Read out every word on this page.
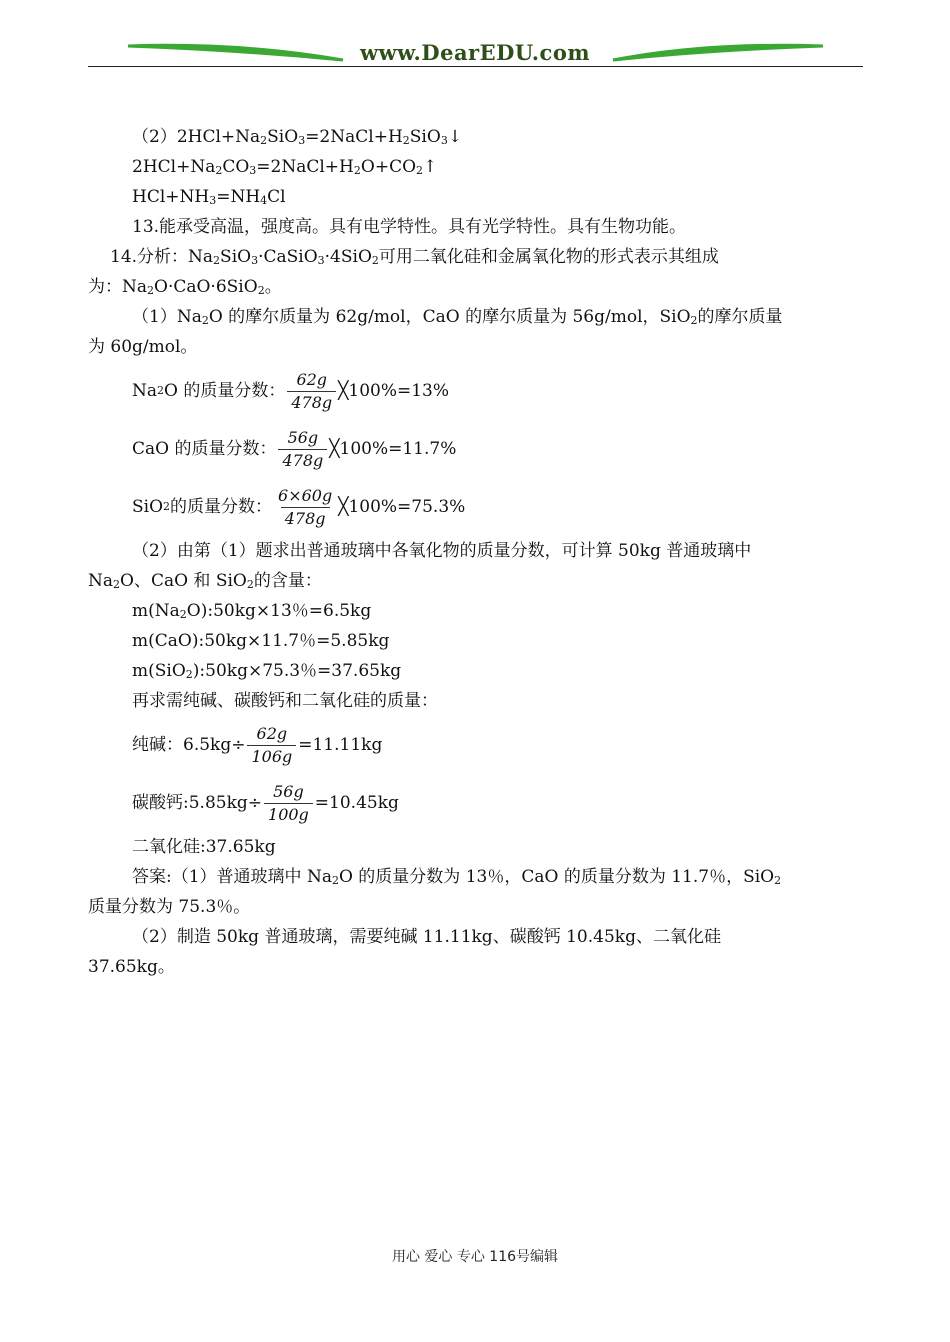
www.DearEDU.com
$(2)2HCl+Na_2SiO_3=2NaCl+H_2SiO_3↓$
$2HCl+Na_2CO_3=2NaCl+H_2O+CO_2↑$
$HCl+NH_3=NH_4Cl$
13.能承受高温，强度高。具有电学特性。具有光学特性。具有生物功能。
14.分析：$Na_2SiO_3\cdot CaSiO_3\cdot 4SiO_2$可用二氧化硅和金属氧化物的形式表示其组成
为：$Na_2O\cdot CaO\cdot 6SiO_2$。
$(1)Na_2O$ 的摩尔质量为 62g/mol，CaO 的摩尔质量为 56g/mol，SiO$_2$的摩尔质量
为 60g/mol。
Na 2 O 的质量分数： $\frac{62g}{478g}$ ╳100%=13%
CaO 的质量分数： $\frac{56g}{478g}$ ╳100%=11.7%
SiO 2 的质量分数： $\frac{6\times 60g}{478g}$ ╳100%=75.3%
（2）由第（1）题求出普通玻璃中各氧化物的质量分数，可计算 50kg 普通玻璃中
$Na_2O$、CaO 和 SiO$_2$的含量：
$m(Na_2O):50kg\times 13$％=6.5kg
m(CaO):50kg×11.7％=5.85kg
m(SiO$_2$):50kg×75.3％=37.65kg
再求需纯碱、碳酸钙和二氧化硅的质量：
纯碱：$6.5kg\div \frac{62g}{106g} =11.11kg$
碳酸钙:5.85kg÷ $\frac{56g}{100g} =10.45kg$
二氧化硅:37.65kg
答案:（1）普通玻璃中 $Na_2O$ 的质量分数为 13％，CaO 的质量分数为 11.7％，SiO$_2$
质量分数为 75.3％。
（2）制造 50kg 普通玻璃，需要纯碱 11.11kg、碳酸钙 10.45kg、二氧化硅
37.65kg。
用心 爱心 专心 116号编辑
